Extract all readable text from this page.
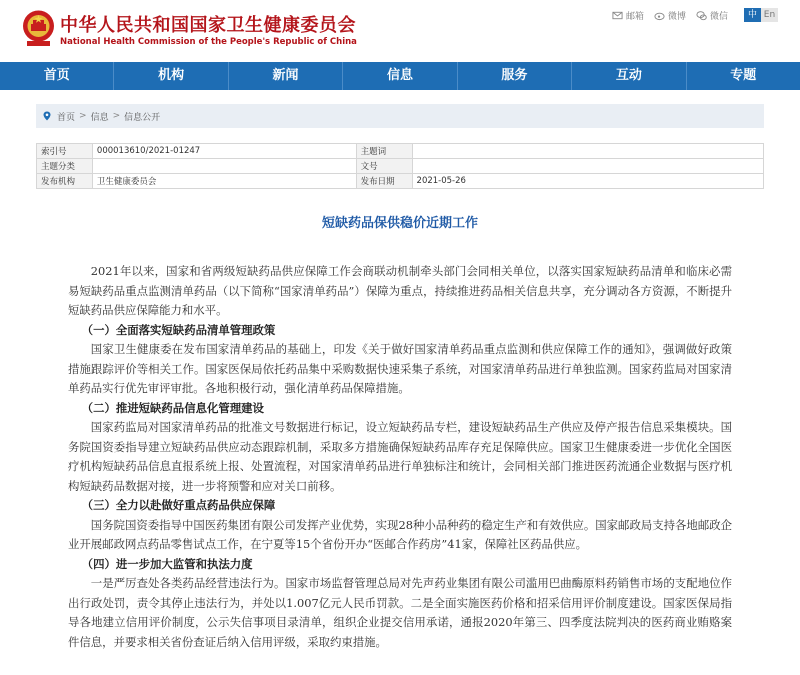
中华人民共和国国家卫生健康委员会
National Health Commission of the People's Republic of China
邮箱	微博	微信	中 En
首页	机构	新闻	信息	服务	互动	专题
首页 > 信息 > 信息公开
索引号	000013610/2021-01247	主题词	
主题分类		文号	
发布机构	卫生健康委员会	发布日期	2021-05-26
短缺药品保供稳价近期工作

2021年以来，国家和省两级短缺药品供应保障工作会商联动机制牵头部门会同相关单位，以落实国家短缺药品清单和临床必需易短缺药品重点监测清单药品（以下简称“国家清单药品”）保障为重点，持续推进药品相关信息共享，充分调动各方资源，不断提升短缺药品供应保障能力和水平。

（一）全面落实短缺药品清单管理政策

国家卫生健康委在发布国家清单药品的基础上，印发《关于做好国家清单药品重点监测和供应保障工作的通知》，强调做好政策措施跟踪评价等相关工作。国家医保局依托药品集中采购数据快速采集子系统，对国家清单药品进行单独监测。国家药监局对国家清单药品实行优先审评审批。各地积极行动，强化清单药品保障措施。

（二）推进短缺药品信息化管理建设

国家药监局对国家清单药品的批准文号数据进行标记，设立短缺药品专栏，建设短缺药品生产供应及停产报告信息采集模块。国务院国资委指导建立短缺药品供应动态跟踪机制，采取多方措施确保短缺药品库存充足保障供应。国家卫生健康委进一步优化全国医疗机构短缺药品信息直报系统上报、处置流程，对国家清单药品进行单独标注和统计，会同相关部门推进医药流通企业数据与医疗机构短缺药品数据对接，进一步将预警和应对关口前移。

（三）全力以赴做好重点药品供应保障

国务院国资委指导中国医药集团有限公司发挥产业优势，实现28种小品种药的稳定生产和有效供应。国家邮政局支持各地邮政企业开展邮政网点药品零售试点工作，在宁夏等15个省份开办“医邮合作药房”41家，保障社区药品供应。

（四）进一步加大监管和执法力度

一是严厉查处各类药品经营违法行为。国家市场监督管理总局对先声药业集团有限公司滥用巴曲酶原料药销售市场的支配地位作出行政处罚，责令其停止违法行为，并处以1.007亿元人民币罚款。二是全面实施医药价格和招采信用评价制度建设。国家医保局指导各地建立信用评价制度，公示失信事项目录清单，组织企业提交信用承诺，通报2020年第三、四季度法院判决的医药商业贿赂案件信息，并要求相关省份查证后纳入信用评级，采取约束措施。
